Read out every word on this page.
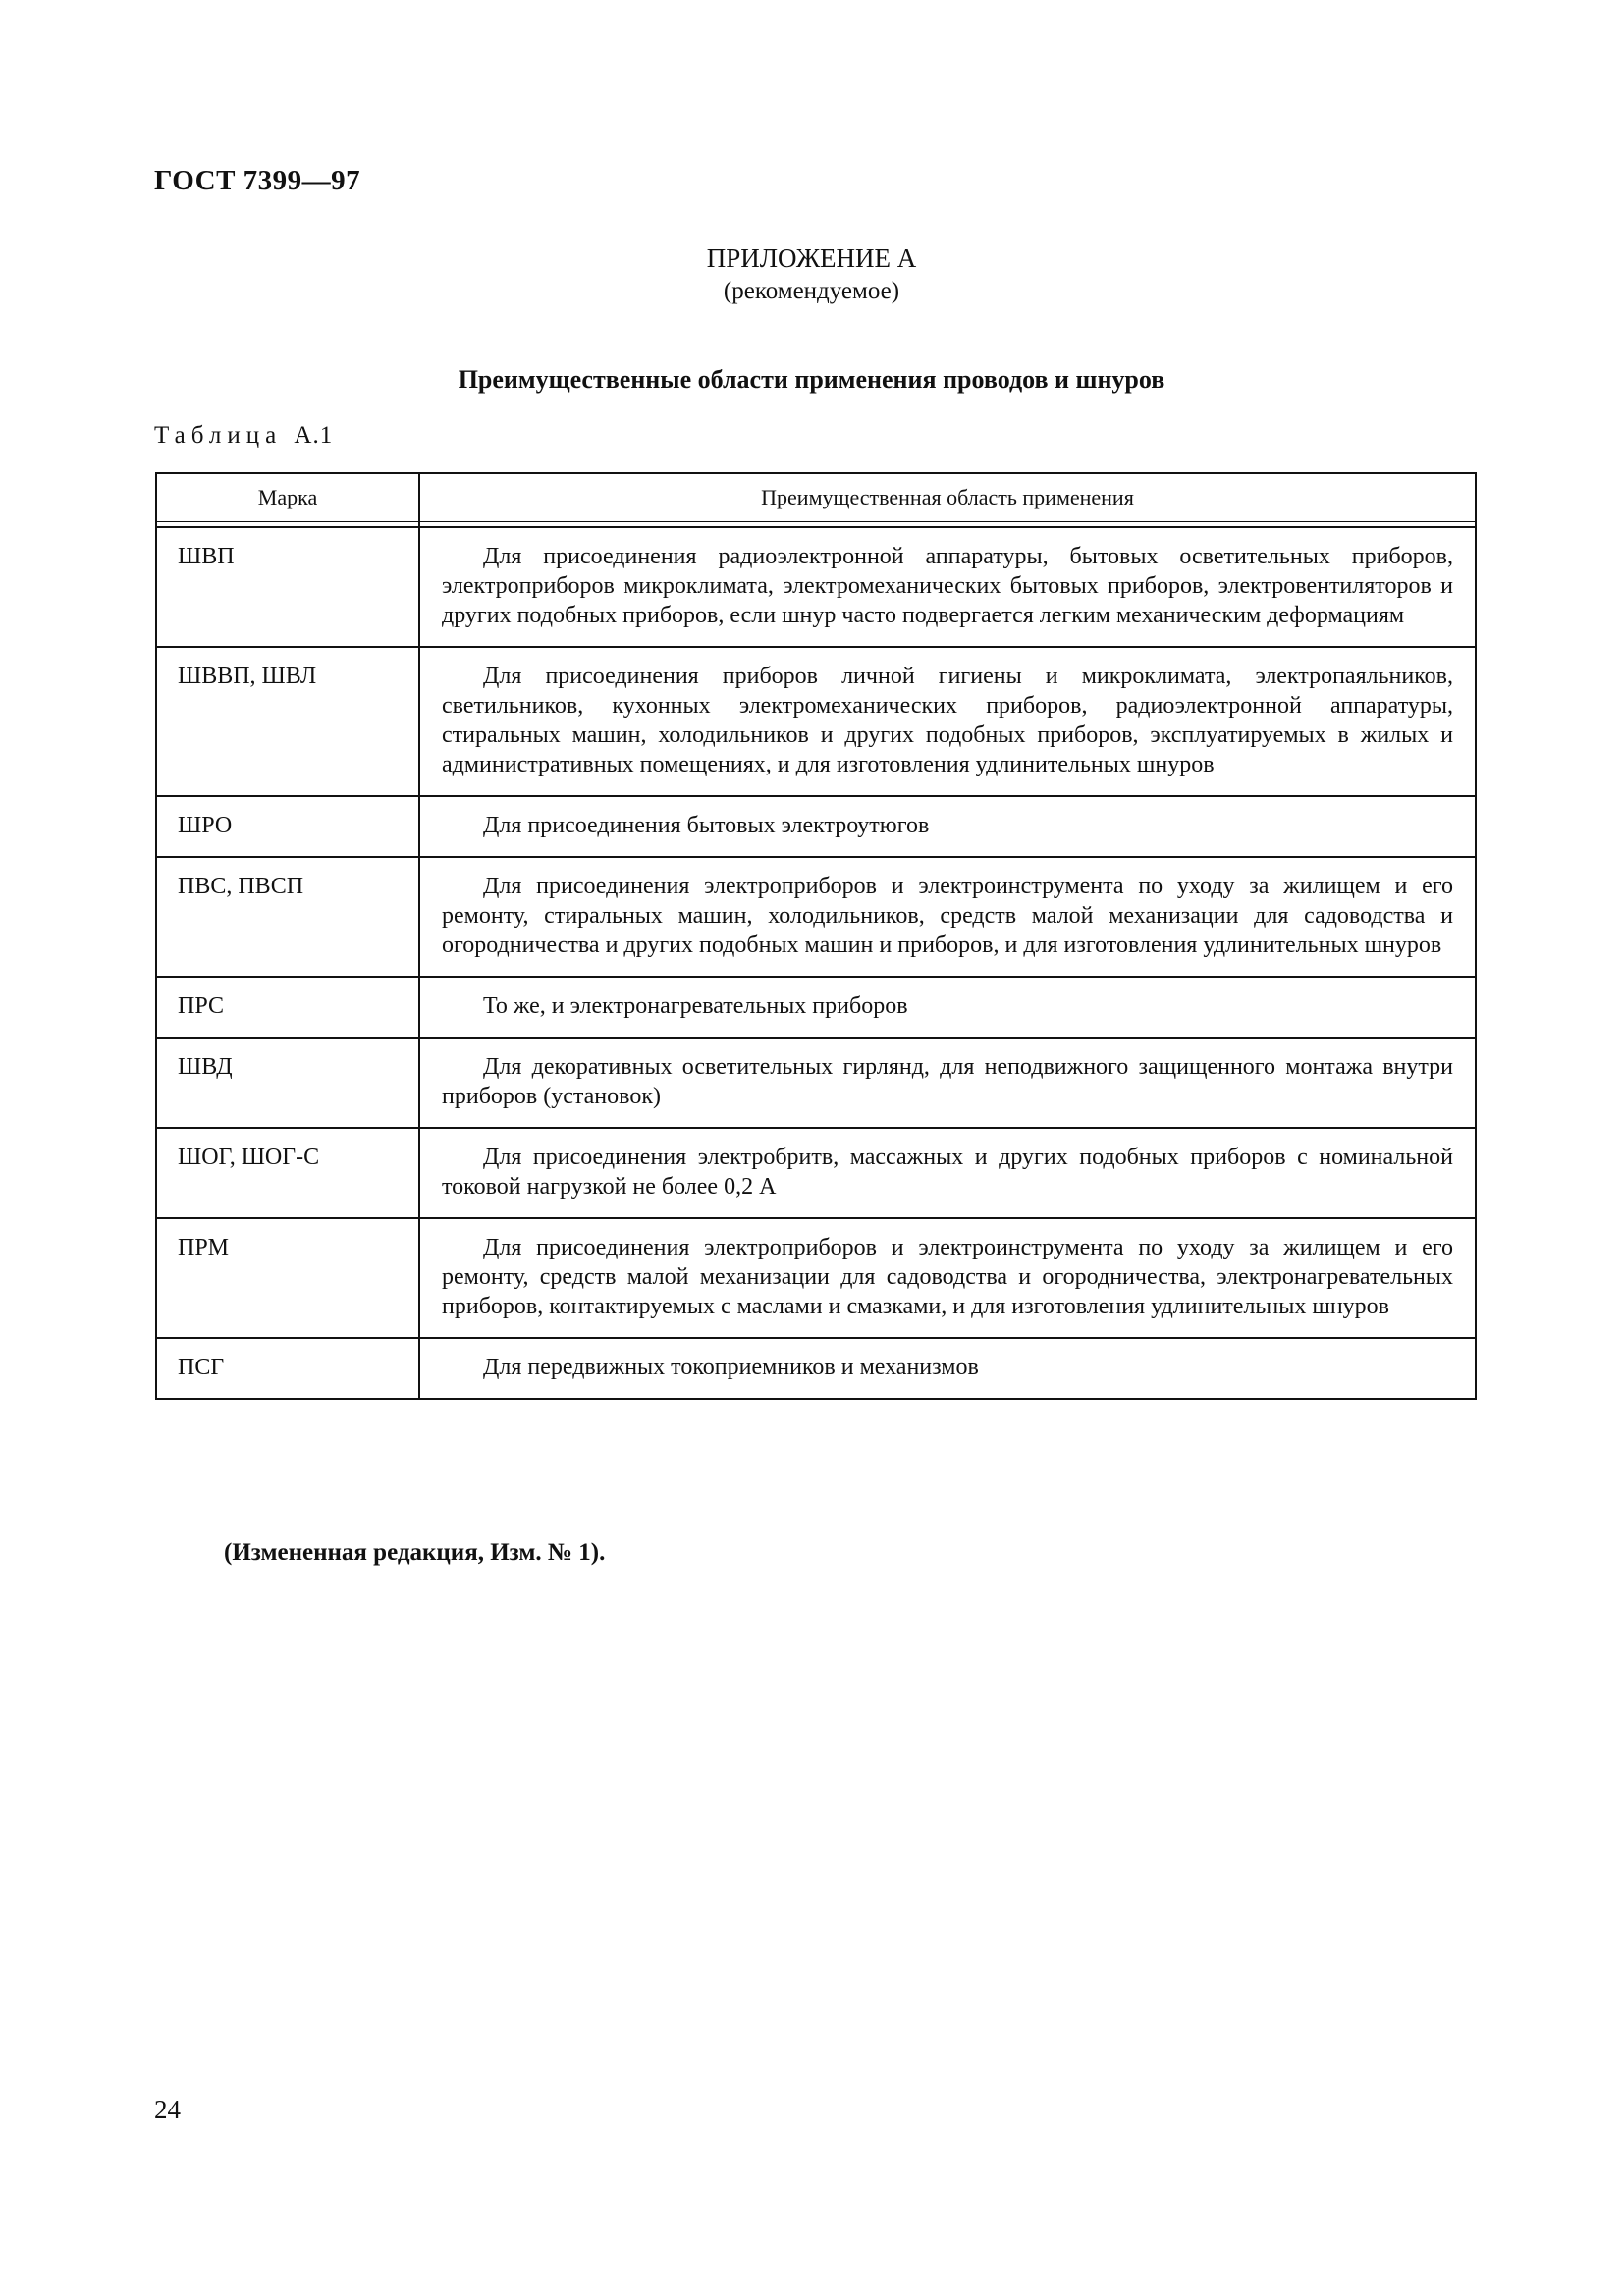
ГОСТ 7399—97
ПРИЛОЖЕНИЕ А
(рекомендуемое)
Преимущественные области применения проводов и шнуров
Таблица А.1
Марка	Преимущественная область применения

ШВП	Для присоединения радиоэлектронной аппаратуры, бытовых осветительных приборов, электроприборов микроклимата, электромеханических бытовых приборов, электровентиляторов и других подобных приборов, если шнур часто подвергается легким механическим деформациям
ШВВП, ШВЛ	Для присоединения приборов личной гигиены и микроклимата, электропаяльников, светильников, кухонных электромеханических приборов, радиоэлектронной аппаратуры, стиральных машин, холодильников и других подобных приборов, эксплуатируемых в жилых и административных помещениях, и для изготовления удлинительных шнуров
ШРО	Для присоединения бытовых электроутюгов
ПВС, ПВСП	Для присоединения электроприборов и электроинструмента по уходу за жилищем и его ремонту, стиральных машин, холодильников, средств малой механизации для садоводства и огородничества и других подобных машин и приборов, и для изготовления удлинительных шнуров
ПРС	То же, и электронагревательных приборов
ШВД	Для декоративных осветительных гирлянд, для неподвижного защищенного монтажа внутри приборов (установок)
ШОГ, ШОГ-С	Для присоединения электробритв, массажных и других подобных приборов с номинальной токовой нагрузкой не более 0,2 А
ПРМ	Для присоединения электроприборов и электроинструмента по уходу за жилищем и его ремонту, средств малой механизации для садоводства и огородничества, электронагревательных приборов, контактируемых с маслами и смазками, и для изготовления удлинительных шнуров
ПСГ	Для передвижных токоприемников и механизмов
(Измененная редакция, Изм. № 1).
24
